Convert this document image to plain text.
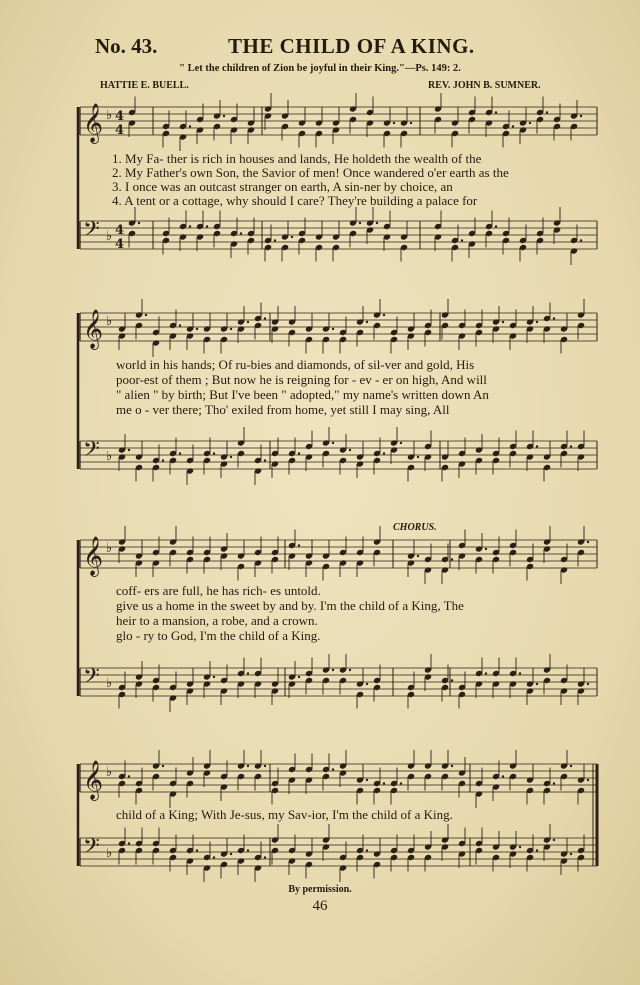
No. 43.	THE CHILD OF A KING.
" Let the children of Zion be joyful in their King."—Ps. 149: 2.
HATTIE E. BUELL.	REV. JOHN B. SUMNER.
𝄞 ♭ 4
4
𝄢 ♭ 4
4
𝄞 ♭
𝄢 ♭
𝄞 ♭
𝄢 ♭
𝄞 ♭
𝄢 ♭
CHORUS.
1. My Fa- ther is rich in houses and lands, He holdeth the wealth of the
2. My Father's own Son, the Savior of men! Once wandered o'er earth as the
3. I once was an outcast stranger on earth, A sin-ner by choice, an
4. A tent or a cottage, why should I care? They're building a palace for
world in his hands; Of ru-bies and diamonds, of sil-ver and gold, His
poor-est of them ; But now he is reigning for - ev - er on high, And will
" alien " by birth; But I've been " adopted," my name's written down An
me o - ver there; Tho' exiled from home, yet still I may sing, All
coff- ers are full, he has rich- es untold.
give us a home in the sweet by and by. I'm the child of a King, The
heir to a mansion, a robe, and a crown.
glo - ry to God, I'm the child of a King.
child of a King; With Je-sus, my Sav-ior, I'm the child of a King.
By permission.
46
